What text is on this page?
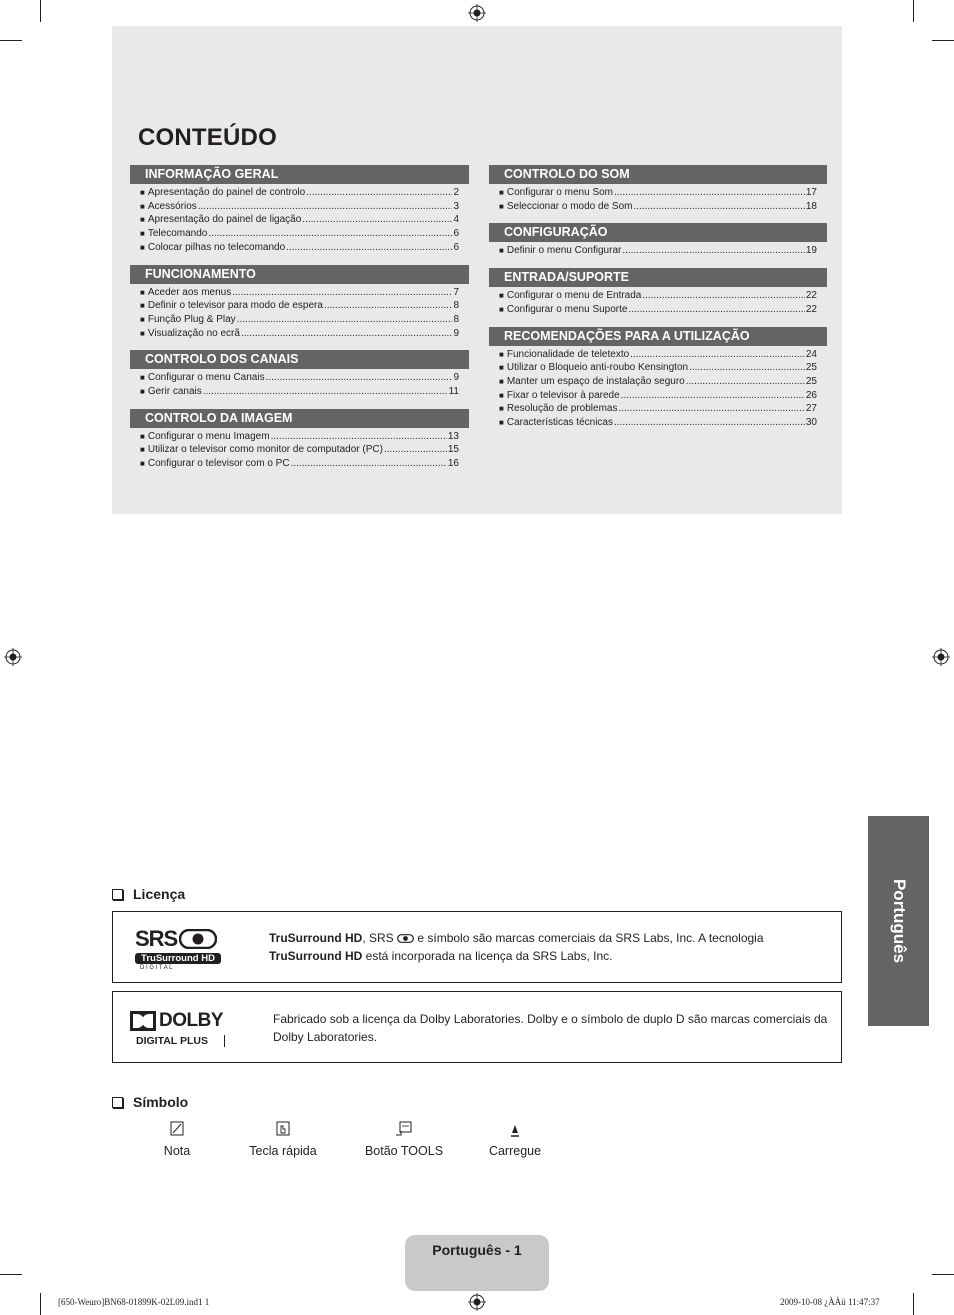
CONTEÚDO
INFORMAÇÃO GERAL
■ Apresentação do painel de controlo .....	2
■ Acessórios .....	3
■ Apresentação do painel de ligação .....	4
■ Telecomando .....	6
■ Colocar pilhas no telecomando .....	6
FUNCIONAMENTO
■ Aceder aos menus .....	7
■ Definir o televisor para modo de espera .....	8
■ Função Plug & Play .....	8
■ Visualização no ecrã .....	9
CONTROLO DOS CANAIS
■ Configurar o menu Canais .....	9
■ Gerir canais .....	11
CONTROLO DA IMAGEM
■ Configurar o menu Imagem .....	13
■ Utilizar o televisor como monitor de computador (PC) .....	15
■ Configurar o televisor com o PC .....	16
CONTROLO DO SOM
■ Configurar o menu Som .....	17
■ Seleccionar o modo de Som .....	18
CONFIGURAÇÃO
■ Definir o menu Configurar .....	19
ENTRADA/SUPORTE
■ Configurar o menu de Entrada .....	22
■ Configurar o menu Suporte .....	22
RECOMENDAÇÕES PARA A UTILIZAÇÃO
■ Funcionalidade de teletexto .....	24
■ Utilizar o Bloqueio anti-roubo Kensington .....	25
■ Manter um espaço de instalação seguro .....	25
■ Fixar o televisor à parede .....	26
■ Resolução de problemas .....	27
■ Características técnicas .....	30
Português
Licença
SRS
TruSurround HD
D I G I T A L
TruSurround HD, SRS  e símbolo são marcas comerciais da SRS Labs, Inc. A tecnologia
TruSurround HD está incorporada na licença da SRS Labs, Inc.
DOLBY
DIGITAL PLUS
Fabricado sob a licença da Dolby Laboratories. Dolby e o símbolo de duplo D são marcas comerciais da Dolby Laboratories.
Símbolo
Nota	Tecla rápida	Botão TOOLS	Carregue
Português - 1
[650-Weuro]BN68-01899K-02L09.ind1 1	2009-10-08 ¿ÀÀü 11:47:37
